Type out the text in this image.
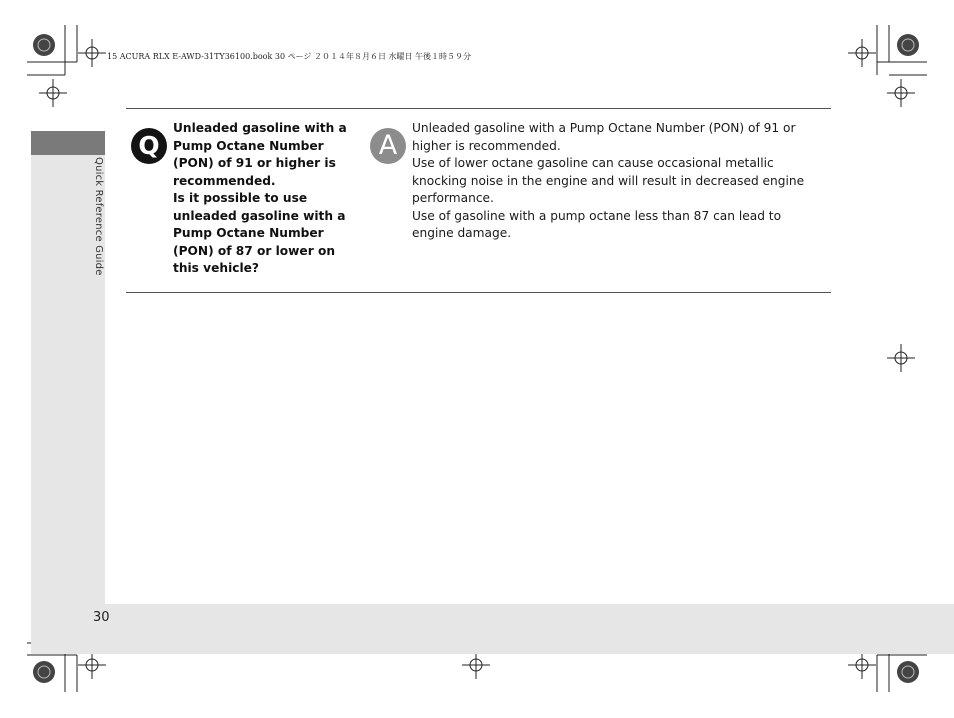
15 ACURA RLX E-AWD-31TY36100.book 30 ページ ２０１４年８月６日 水曜日 午後１時５９分
Quick Reference Guide
Q

Unleaded gasoline with a Pump Octane Number (PON) of 91 or higher is recommended.

Is it possible to use unleaded gasoline with a Pump Octane Number (PON) of 87 or lower on this vehicle?

A

Unleaded gasoline with a Pump Octane Number (PON) of 91 or higher is recommended.

Use of lower octane gasoline can cause occasional metallic knocking noise in the engine and will result in decreased engine performance.

Use of gasoline with a pump octane less than 87 can lead to engine damage.

30
